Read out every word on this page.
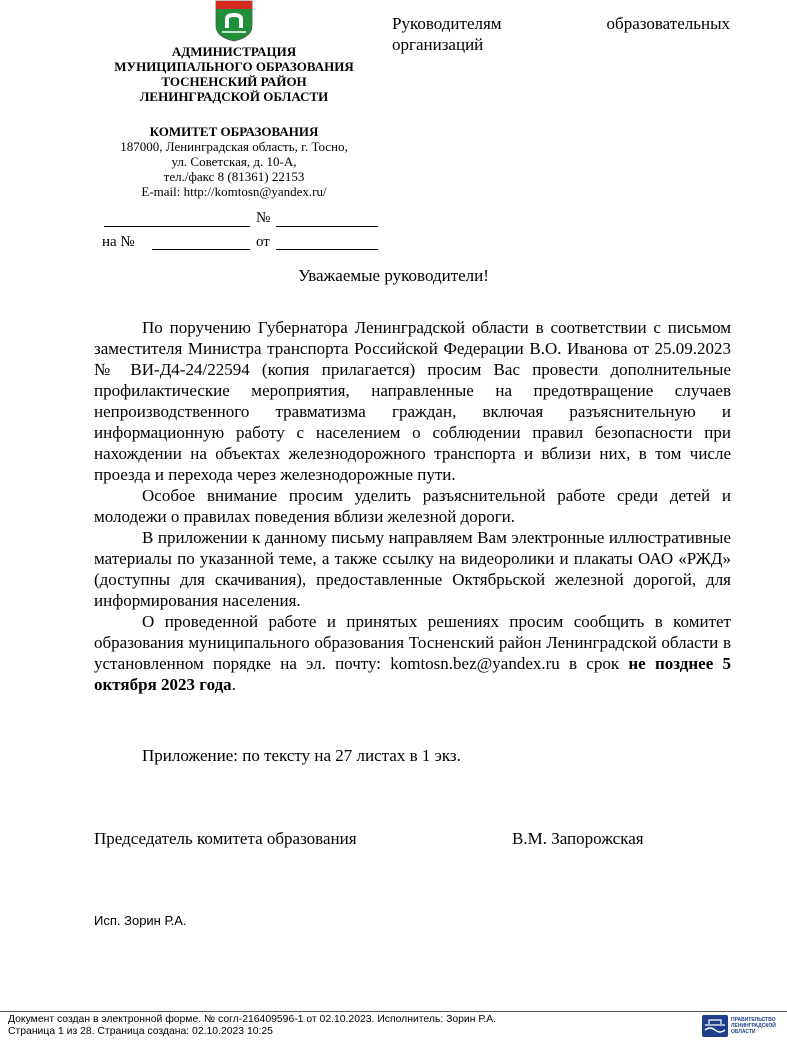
АДМИНИСТРАЦИЯ
МУНИЦИПАЛЬНОГО ОБРАЗОВАНИЯ
ТОСНЕНСКИЙ РАЙОН
ЛЕНИНГРАДСКОЙ ОБЛАСТИ
КОМИТЕТ ОБРАЗОВАНИЯ
187000, Ленинградская область, г. Тосно,
ул. Советская, д. 10-А,
тел./факс 8 (81361) 22153
E-mail: http://komtosn@yandex.ru/
№
на №	от
Руководителям	образовательных
организаций
Уважаемые руководители!

По поручению Губернатора Ленинградской области в соответствии с письмом заместителя Министра транспорта Российской Федерации В.О. Иванова от 25.09.2023 № ВИ-Д4-24/22594 (копия прилагается) просим Вас провести дополнительные профилактические мероприятия, направленные на предотвращение случаев непроизводственного травматизма граждан, включая разъяснительную и информационную работу с населением о соблюдении правил безопасности при нахождении на объектах железнодорожного транспорта и вблизи них, в том числе проезда и перехода через железнодорожные пути.

Особое внимание просим уделить разъяснительной работе среди детей и молодежи о правилах поведения вблизи железной дороги.

В приложении к данному письму направляем Вам электронные иллюстративные материалы по указанной теме, а также ссылку на видеоролики и плакаты ОАО «РЖД» (доступны для скачивания), предоставленные Октябрьской железной дорогой, для информирования населения.

О проведенной работе и принятых решениях просим сообщить в комитет образования муниципального образования Тосненский район Ленинградской области в установленном порядке на эл. почту: komtosn.bez@yandex.ru в срок не позднее 5 октября 2023 года.

Приложение: по тексту на 27 листах в 1 экз.
Председатель комитета образования	В.М. Запорожская
Исп. Зорин Р.А.
Документ создан в электронной форме. № согл-216409596-1 от 02.10.2023. Исполнитель: Зорин Р.А.
Страница 1 из 28. Страница создана: 02.10.2023 10:25
ПРАВИТЕЛЬСТВО
ЛЕНИНГРАДСКОЙ
ОБЛАСТИ
